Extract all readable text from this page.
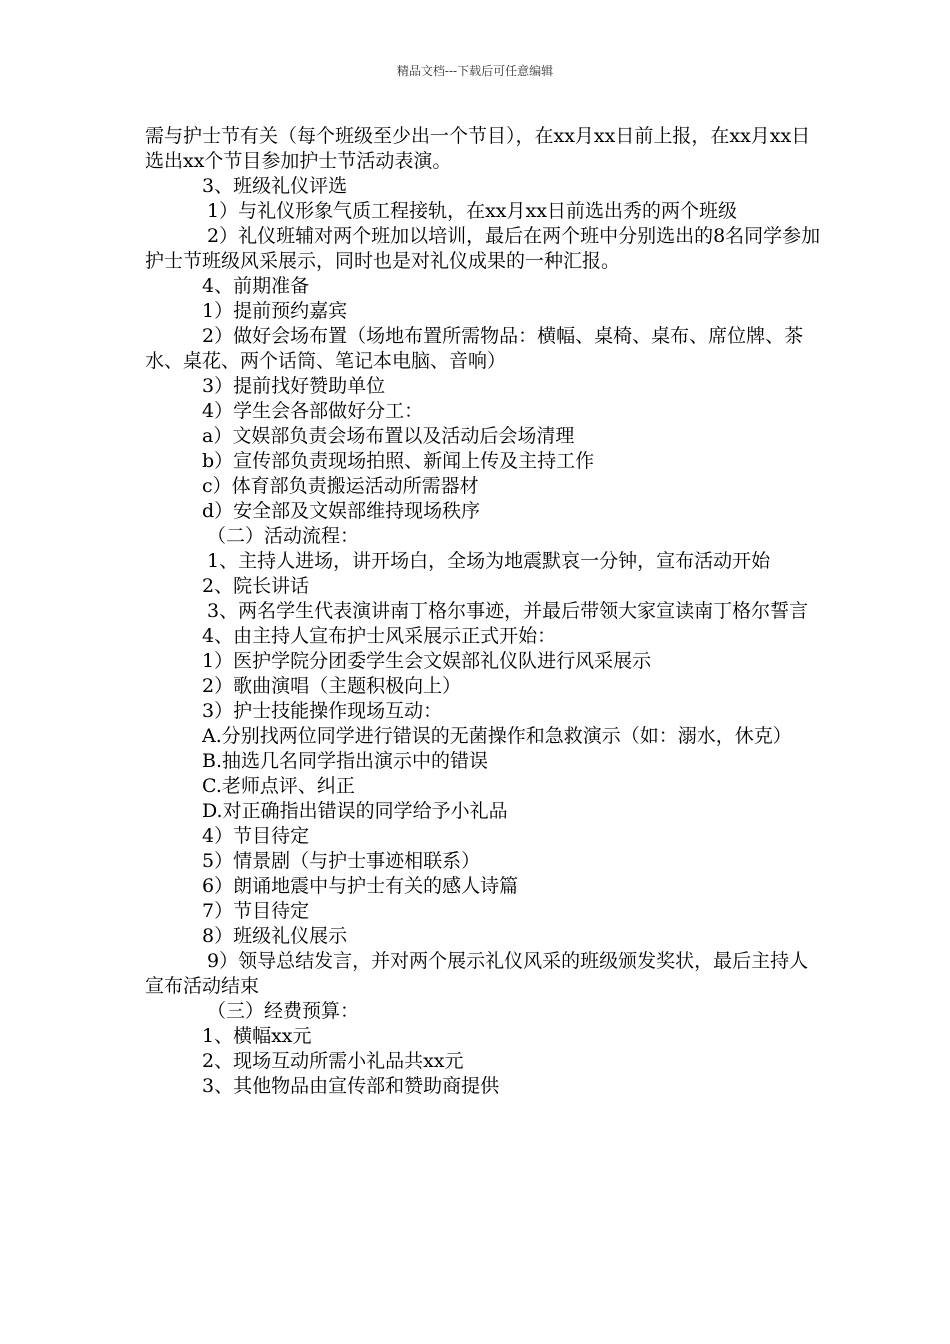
精品文档---下载后可任意编辑

需与护士节有关（每个班级至少出一个节目），在xx月xx日前上报，在xx月xx日选出xx个节目参加护士节活动表演。

3、班级礼仪评选

1）与礼仪形象气质工程接轨，在xx月xx日前选出秀的两个班级

2）礼仪班辅对两个班加以培训，最后在两个班中分别选出的8名同学参加护士节班级风采展示，同时也是对礼仪成果的一种汇报。

4、前期准备

1）提前预约嘉宾

2）做好会场布置（场地布置所需物品：横幅、桌椅、桌布、席位牌、茶水、桌花、两个话筒、笔记本电脑、音响）

3）提前找好赞助单位

4）学生会各部做好分工：

a）文娱部负责会场布置以及活动后会场清理

b）宣传部负责现场拍照、新闻上传及主持工作

c）体育部负责搬运活动所需器材

d）安全部及文娱部维持现场秩序

（二）活动流程：

1、主持人进场，讲开场白，全场为地震默哀一分钟，宣布活动开始

2、院长讲话

3、两名学生代表演讲南丁格尔事迹，并最后带领大家宣读南丁格尔誓言

4、由主持人宣布护士风采展示正式开始：

1）医护学院分团委学生会文娱部礼仪队进行风采展示

2）歌曲演唱（主题积极向上）

3）护士技能操作现场互动：

A.分别找两位同学进行错误的无菌操作和急救演示（如：溺水，休克）

B.抽选几名同学指出演示中的错误

C.老师点评、纠正

D.对正确指出错误的同学给予小礼品

4）节目待定

5）情景剧（与护士事迹相联系）

6）朗诵地震中与护士有关的感人诗篇

7）节目待定

8）班级礼仪展示

9）领导总结发言，并对两个展示礼仪风采的班级颁发奖状，最后主持人宣布活动结束

（三）经费预算：

1、横幅xx元

2、现场互动所需小礼品共xx元

3、其他物品由宣传部和赞助商提供
